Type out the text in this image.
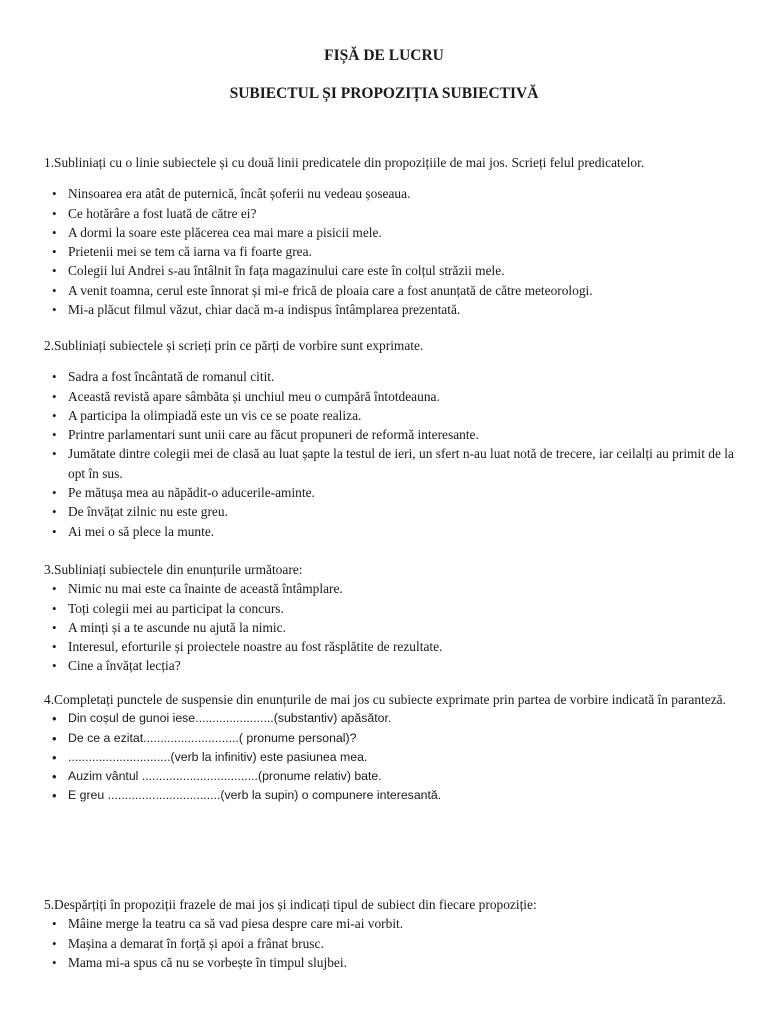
FIȘĂ DE LUCRU
SUBIECTUL ȘI PROPOZIȚIA SUBIECTIVĂ

1.Subliniați cu o linie subiectele și cu două linii predicatele din propozițiile de mai jos. Scrieți felul predicatelor.

• Ninsoarea era atât de puternică, încât șoferii nu vedeau șoseaua.
• Ce hotărâre a fost luată de către ei?
• A dormi la soare este plăcerea cea mai mare a pisicii mele.
• Prietenii mei se tem că iarna va fi foarte grea.
• Colegii lui Andrei s-au întâlnit în fața magazinului care este în colțul străzii mele.
• A venit toamna, cerul este înnorat și mi-e frică de ploaia care a fost anunțată de către meteorologi.
• Mi-a plăcut filmul văzut, chiar dacă m-a indispus întâmplarea prezentată.

2.Subliniați subiectele și scrieți prin ce părți de vorbire sunt exprimate.

• Sadra a fost încântată de romanul citit.
• Această revistă apare sâmbăta și unchiul meu o cumpără întotdeauna.
• A participa la olimpiadă este un vis ce se poate realiza.
• Printre parlamentari sunt unii care au făcut propuneri de reformă interesante.
• Jumătate dintre colegii mei de clasă au luat șapte la testul de ieri, un sfert n-au luat notă de trecere, iar ceilalți au primit de la opt în sus.
• Pe mătușa mea au năpădit-o aducerile-aminte.
• De învățat zilnic nu este greu.
• Ai mei o să plece la munte.

3.Subliniați subiectele din enunțurile următoare:

• Nimic nu mai este ca înainte de această întâmplare.
• Toți colegii mei au participat la concurs.
• A minți și a te ascunde nu ajută la nimic.
• Interesul, eforturile și proiectele noastre au fost răsplătite de rezultate.
• Cine a învățat lecția?

4.Completați punctele de suspensie din enunțurile de mai jos cu subiecte exprimate prin partea de vorbire indicată în paranteză.

• Din coșul de gunoi iese.......................(substantiv) apăsător.
• De ce a ezitat............................( pronume personal)?
• ..............................(verb la infinitiv) este pasiunea mea.
• Auzim vântul ..................................(pronume relativ) bate.
• E greu .................................(verb la supin) o compunere interesantă.

5.Despărțiți în propoziții frazele de mai jos și indicați tipul de subiect din fiecare propoziție:

• Mâine merge la teatru ca să vad piesa despre care mi-ai vorbit.
• Mașina a demarat în forță și apoi a frânat brusc.
• Mama mi-a spus că nu se vorbește în timpul slujbei.
